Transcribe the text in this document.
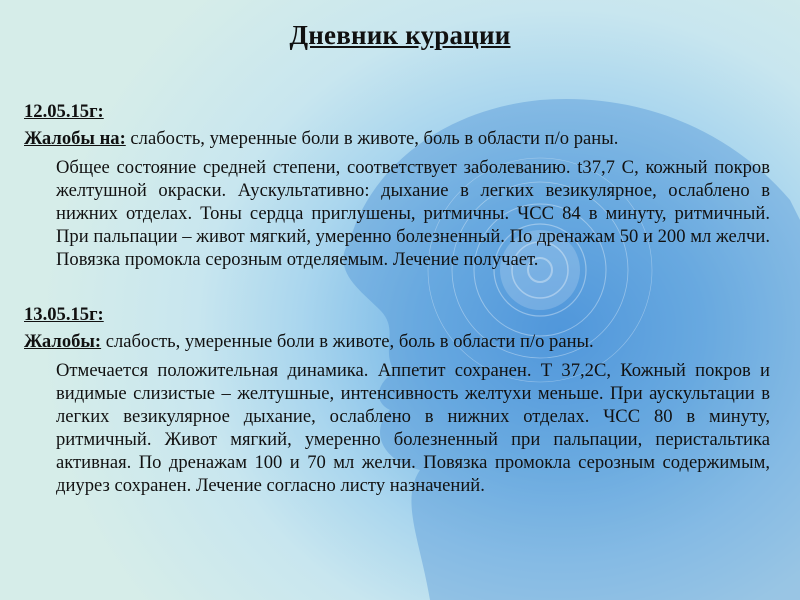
Дневник курации

12.05.15г:

Жалобы на: слабость, умеренные боли в животе, боль в области п/о раны.

Общее состояние средней степени, соответствует заболеванию. t37,7 С, кожный покров желтушной окраски. Аускультативно: дыхание в легких везикулярное, ослаблено в нижних отделах. Тоны сердца приглушены, ритмичны. ЧСС 84 в минуту, ритмичный. При пальпации – живот мягкий, умеренно болезненный. По дренажам 50 и 200 мл желчи. Повязка промокла серозным отделяемым. Лечение получает.

13.05.15г:

Жалобы: слабость, умеренные боли в животе, боль в области п/о раны.

Отмечается положительная динамика. Аппетит сохранен. Т 37,2С, Кожный покров и видимые слизистые – желтушные, интенсивность желтухи меньше. При аускультации в легких везикулярное дыхание, ослаблено в нижних отделах. ЧСС 80 в минуту, ритмичный. Живот мягкий, умеренно болезненный при пальпации, перистальтика активная. По дренажам 100 и 70 мл желчи. Повязка промокла серозным содержимым, диурез сохранен. Лечение согласно листу назначений.
